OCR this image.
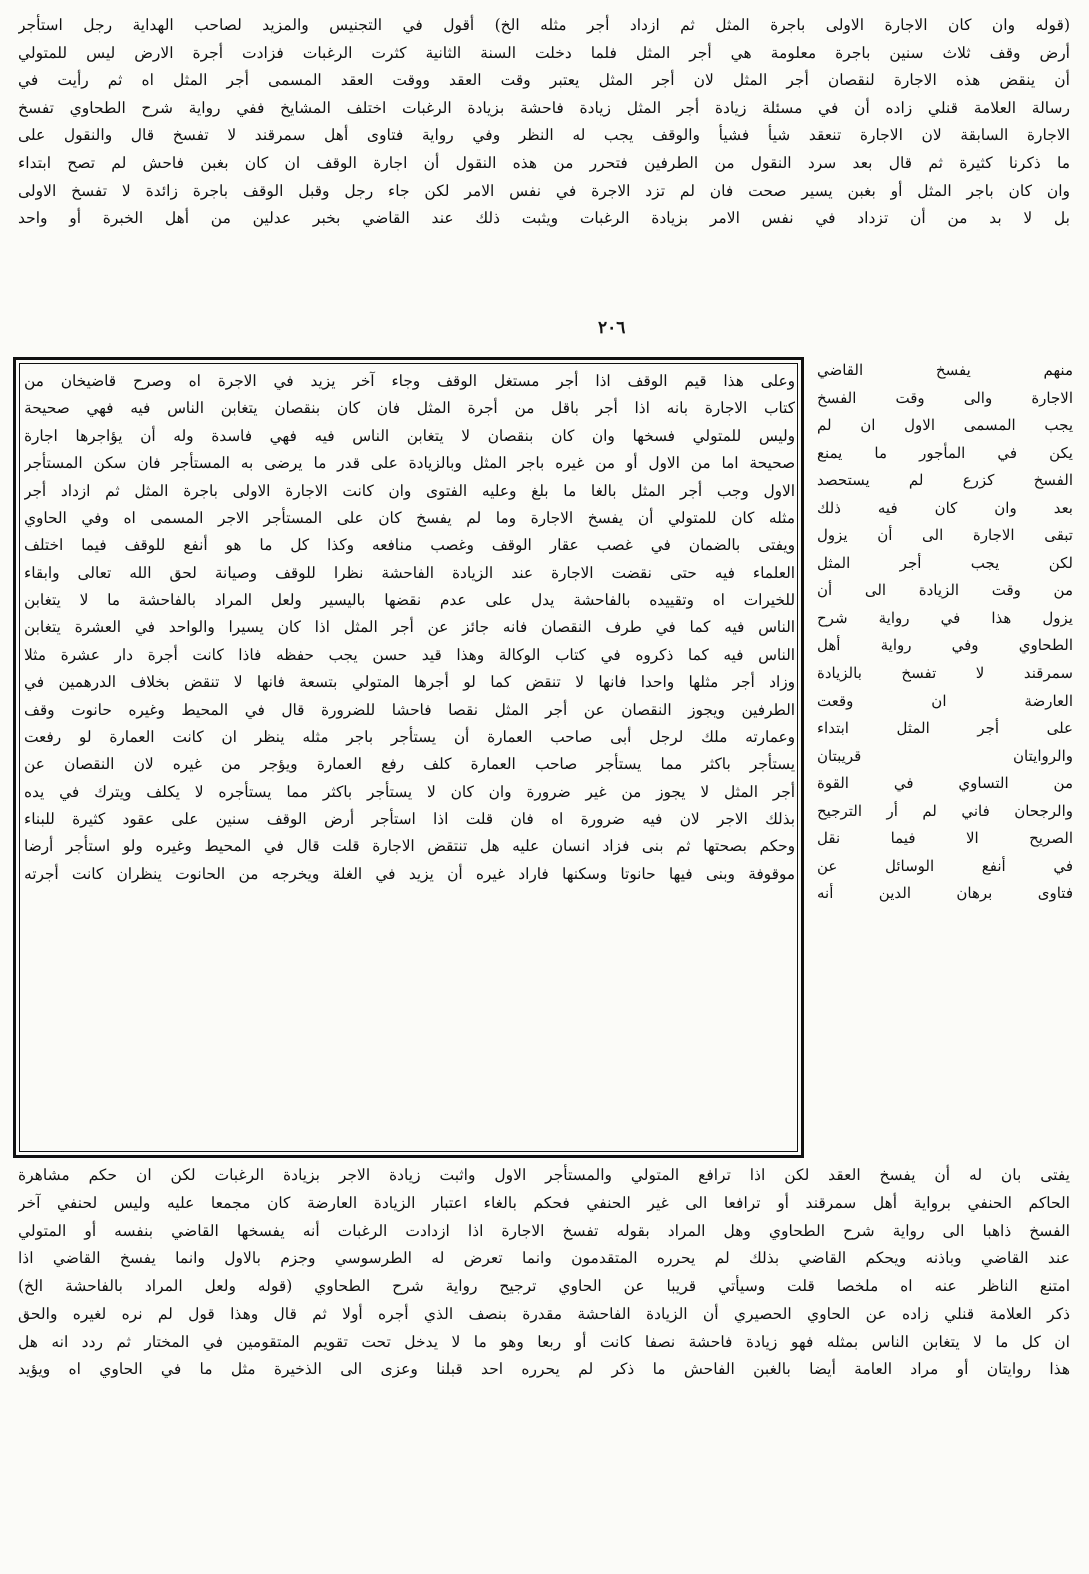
(قوله وان كان الاجارة الاولى باجرة المثل ثم ازداد أجر مثله الخ) أقول في التجنيس والمزيد لصاحب الهداية رجل استأجر
أرض وقف ثلاث سنين باجرة معلومة هي أجر المثل فلما دخلت السنة الثانية كثرت الرغبات فزادت أجرة الارض ليس للمتولي
أن ينقض هذه الاجارة لنقصان أجر المثل لان أجر المثل يعتبر وقت العقد ووقت العقد المسمى أجر المثل اه ثم رأيت في
رسالة العلامة قنلي زاده أن في مسئلة زيادة أجر المثل زيادة فاحشة بزيادة الرغبات اختلف المشايخ ففي رواية شرح الطحاوي تفسخ
الاجارة السابقة لان الاجارة تنعقد شيأ فشيأ والوقف يجب له النظر وفي رواية فتاوى أهل سمرقند لا تفسخ قال والنقول على
ما ذكرنا كثيرة ثم قال بعد سرد النقول من الطرفين فتحرر من هذه النقول أن اجارة الوقف ان كان بغبن فاحش لم تصح ابتداء
وان كان باجر المثل أو بغبن يسير صحت فان لم تزد الاجرة في نفس الامر لكن جاء رجل وقبل الوقف باجرة زائدة لا تفسخ الاولى
بل لا بد من أن تزداد في نفس الامر بزيادة الرغبات ويثبت ذلك عند القاضي بخبر عدلين من أهل الخبرة أو واحد
٢٠٦
منهم يفسخ القاضي
الاجارة والى وقت الفسخ
يجب المسمى الاول ان لم
يكن في المأجور ما يمنع
الفسخ كزرع لم يستحصد
بعد وان كان فيه ذلك
تبقى الاجارة الى أن يزول
لكن يجب أجر المثل
من وقت الزيادة الى أن
يزول هذا في رواية شرح
الطحاوي وفي رواية أهل
سمرقند لا تفسخ بالزيادة
العارضة ان وقعت
على أجر المثل ابتداء
والروايتان قريبتان
من التساوي في القوة
والرجحان فاني لم أر الترجيح
الصريح الا فيما نقل
في أنفع الوسائل عن
فتاوى برهان الدين أنه
وعلى هذا قيم الوقف اذا أجر مستغل الوقف وجاء آخر يزيد في الاجرة اه وصرح قاضيخان من
كتاب الاجارة بانه اذا أجر باقل من أجرة المثل فان كان بنقصان يتغابن الناس فيه فهي صحيحة
وليس للمتولي فسخها وان كان بنقصان لا يتغابن الناس فيه فهي فاسدة وله أن يؤاجرها اجارة
صحيحة اما من الاول أو من غيره باجر المثل وبالزيادة على قدر ما يرضى به المستأجر فان سكن المستأجر
الاول وجب أجر المثل بالغا ما بلغ وعليه الفتوى وان كانت الاجارة الاولى باجرة المثل ثم ازداد أجر
مثله كان للمتولي أن يفسخ الاجارة وما لم يفسخ كان على المستأجر الاجر المسمى اه وفي الحاوي
ويفتى بالضمان في غصب عقار الوقف وغصب منافعه وكذا كل ما هو أنفع للوقف فيما اختلف
العلماء فيه حتى نقضت الاجارة عند الزيادة الفاحشة نظرا للوقف وصيانة لحق الله تعالى وابقاء
للخيرات اه وتقييده بالفاحشة يدل على عدم نقضها باليسير ولعل المراد بالفاحشة ما لا يتغابن
الناس فيه كما في طرف النقصان فانه جائز عن أجر المثل اذا كان يسيرا والواحد في العشرة يتغابن
الناس فيه كما ذكروه في كتاب الوكالة وهذا قيد حسن يجب حفظه فاذا كانت أجرة دار عشرة مثلا
وزاد أجر مثلها واحدا فانها لا تنقض كما لو أجرها المتولي بتسعة فانها لا تنقض بخلاف الدرهمين في
الطرفين ويجوز النقصان عن أجر المثل نقصا فاحشا للضرورة قال في المحيط وغيره حانوت وقف
وعمارته ملك لرجل أبى صاحب العمارة أن يستأجر باجر مثله ينظر ان كانت العمارة لو رفعت
يستأجر باكثر مما يستأجر صاحب العمارة كلف رفع العمارة ويؤجر من غيره لان النقصان عن
أجر المثل لا يجوز من غير ضرورة وان كان لا يستأجر باكثر مما يستأجره لا يكلف ويترك في يده
بذلك الاجر لان فيه ضرورة اه فان قلت اذا استأجر أرض الوقف سنين على عقود كثيرة للبناء
وحكم بصحتها ثم بنى فزاد انسان عليه هل تنتقض الاجارة قلت قال في المحيط وغيره ولو استأجر أرضا
موقوفة وبنى فيها حانوتا وسكنها فاراد غيره أن يزيد في الغلة ويخرجه من الحانوت ينظران كانت أجرته
يفتى بان له أن يفسخ العقد لكن اذا ترافع المتولي والمستأجر الاول واثبت زيادة الاجر بزيادة الرغبات لكن ان حكم مشاهرة
الحاكم الحنفي برواية أهل سمرقند أو ترافعا الى غير الحنفي فحكم بالغاء اعتبار الزيادة العارضة كان مجمعا عليه وليس لحنفي آخر
الفسخ ذاهبا الى رواية شرح الطحاوي وهل المراد بقوله تفسخ الاجارة اذا ازدادت الرغبات أنه يفسخها القاضي بنفسه أو المتولي
عند القاضي وباذنه ويحكم القاضي بذلك لم يحرره المتقدمون وانما تعرض له الطرسوسي وجزم بالاول وانما يفسخ القاضي اذا
امتنع الناظر عنه اه ملخصا قلت وسيأتي قريبا عن الحاوي ترجيح رواية شرح الطحاوي (قوله ولعل المراد بالفاحشة الخ)
ذكر العلامة قنلي زاده عن الحاوي الحصيري أن الزيادة الفاحشة مقدرة بنصف الذي أجره أولا ثم قال وهذا قول لم نره لغيره والحق
ان كل ما لا يتغابن الناس بمثله فهو زيادة فاحشة نصفا كانت أو ربعا وهو ما لا يدخل تحت تقويم المتقومين في المختار ثم ردد انه هل
هذا روايتان أو مراد العامة أيضا بالغبن الفاحش ما ذكر لم يحرره احد قبلنا وعزى الى الذخيرة مثل ما في الحاوي اه ويؤيد
